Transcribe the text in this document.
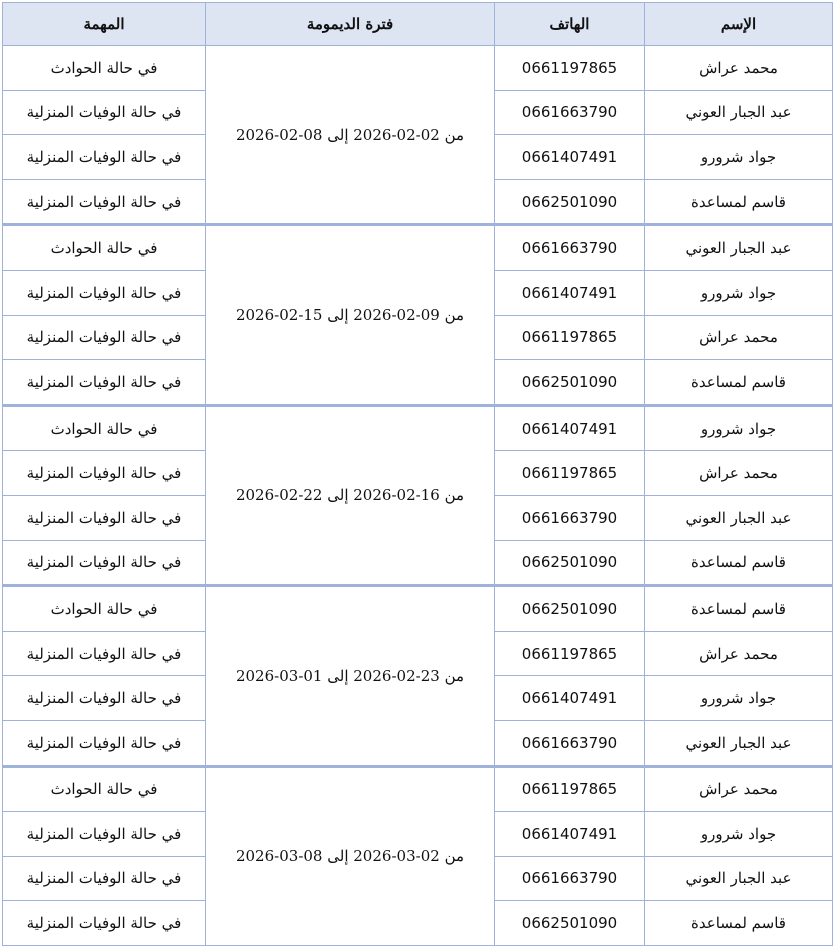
الإسم	الهاتف	فترة الديمومة	المهمة
محمد عراش	0661197865	من 02-02-2026 إلى 08-02-2026	في حالة الحوادث
عبد الجبار العوني	0661663790		في حالة الوفيات المنزلية
جواد شرورو	0661407491		في حالة الوفيات المنزلية
قاسم لمساعدة	0662501090		في حالة الوفيات المنزلية
عبد الجبار العوني	0661663790	من 09-02-2026 إلى 15-02-2026	في حالة الحوادث
جواد شرورو	0661407491		في حالة الوفيات المنزلية
محمد عراش	0661197865		في حالة الوفيات المنزلية
قاسم لمساعدة	0662501090		في حالة الوفيات المنزلية
جواد شرورو	0661407491	من 16-02-2026 إلى 22-02-2026	في حالة الحوادث
محمد عراش	0661197865		في حالة الوفيات المنزلية
عبد الجبار العوني	0661663790		في حالة الوفيات المنزلية
قاسم لمساعدة	0662501090		في حالة الوفيات المنزلية
قاسم لمساعدة	0662501090	من 23-02-2026 إلى 01-03-2026	في حالة الحوادث
محمد عراش	0661197865		في حالة الوفيات المنزلية
جواد شرورو	0661407491		في حالة الوفيات المنزلية
عبد الجبار العوني	0661663790		في حالة الوفيات المنزلية
محمد عراش	0661197865	من 02-03-2026 إلى 08-03-2026	في حالة الحوادث
جواد شرورو	0661407491		في حالة الوفيات المنزلية
عبد الجبار العوني	0661663790		في حالة الوفيات المنزلية
قاسم لمساعدة	0662501090		في حالة الوفيات المنزلية
